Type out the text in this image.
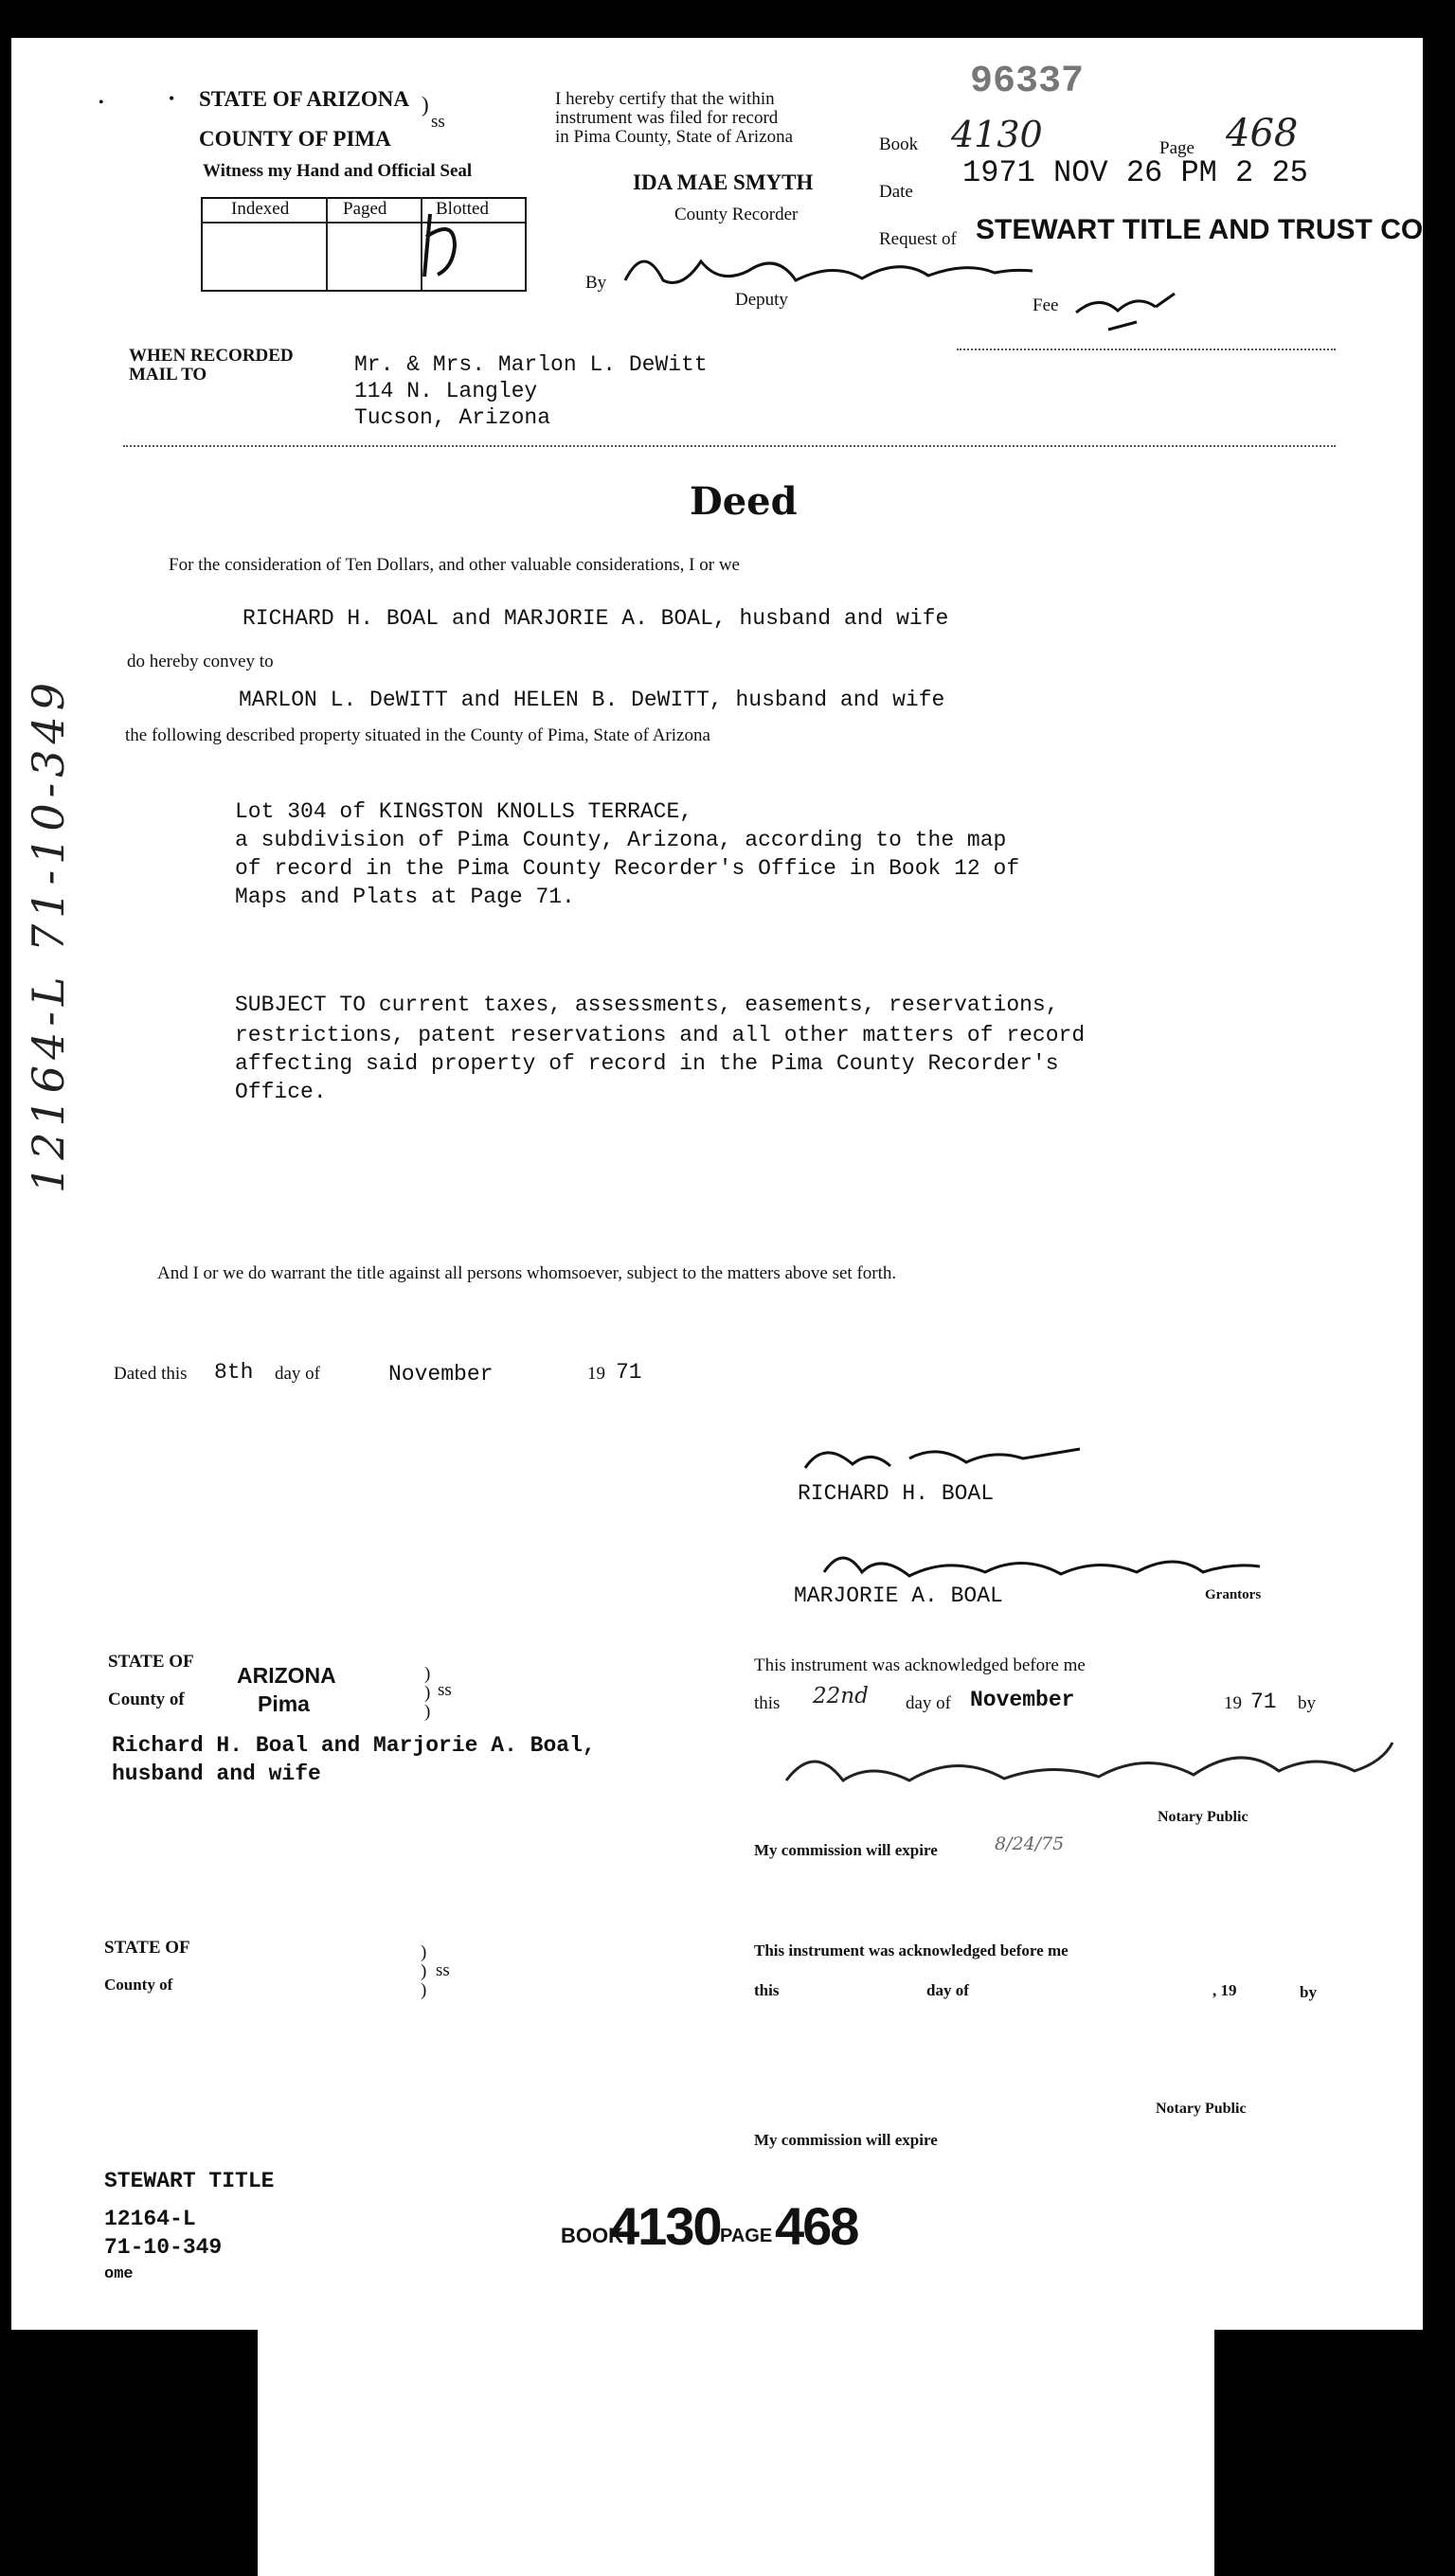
STATE OF ARIZONA )
COUNTY OF PIMA
ss
Witness my Hand and Official Seal
Indexed	Paged	Blotted
I hereby certify that the within
instrument was filed for record
in Pima County, State of Arizona
IDA MAE SMYTH
County Recorder
By
Deputy
96337
Book 4130	Page 468
Date
1971 NOV 26 PM 2 25
Request of STEWART TITLE AND TRUST CO
Fee
WHEN RECORDED MAIL TO	Mr. & Mrs. Marlon L. DeWitt
114 N. Langley
Tucson, Arizona
Deed
For the consideration of Ten Dollars, and other valuable considerations, I or we
RICHARD H. BOAL and MARJORIE A. BOAL, husband and wife
do hereby convey to
MARLON L. DeWITT and HELEN B. DeWITT, husband and wife
the following described property situated in the County of Pima, State of Arizona
Lot 304 of KINGSTON KNOLLS TERRACE,
a subdivision of Pima County, Arizona, according to the map
of record in the Pima County Recorder's Office in Book 12 of
Maps and Plats at Page 71.
SUBJECT TO current taxes, assessments, easements, reservations,
restrictions, patent reservations and all other matters of record
affecting said property of record in the Pima County Recorder's
Office.
And I or we do warrant the title against all persons whomsoever, subject to the matters above set forth.
Dated this 8th day of	November	19 71
RICHARD H. BOAL
MARJORIE A. BOAL	Grantors
STATE OF
ARIZONA
County of	Pima
)
)
)
ss
Richard H. Boal and Marjorie A. Boal,
husband and wife
This instrument was acknowledged before me
this 22nd day of November	19 71 by
Notary Public
My commission will expire	8/24/75
STATE OF
County of
)
)
)
ss
This instrument was acknowledged before me
this	day of	, 19	by
Notary Public
My commission will expire
STEWART TITLE
12164-L
71-10-349
ome
BOOK
4130 PAGE 468
12164-L 71-10-349
•	•
